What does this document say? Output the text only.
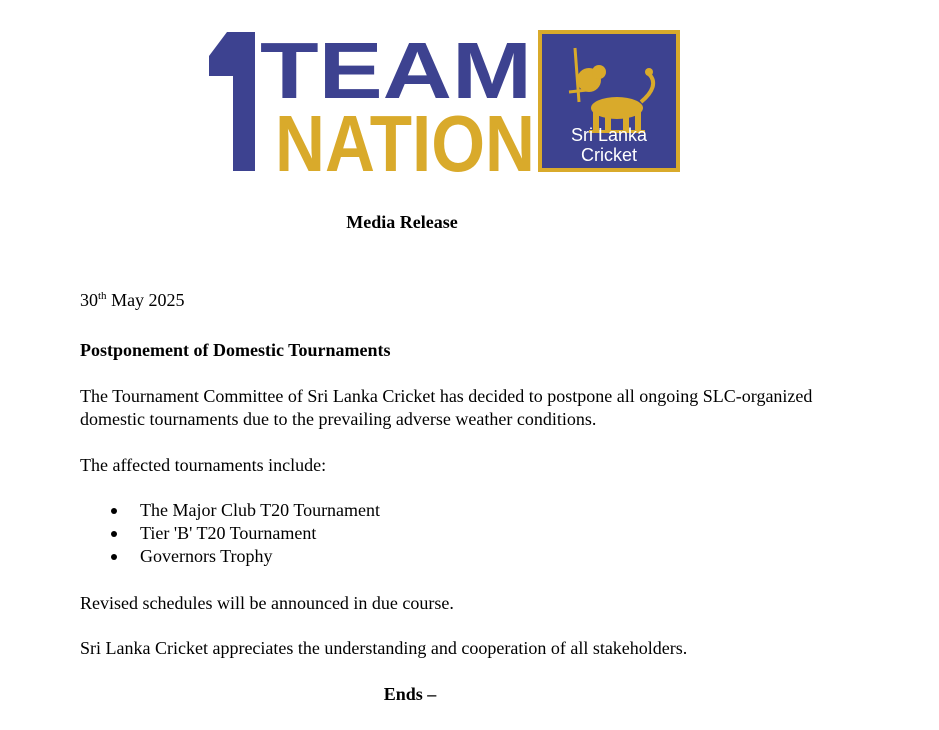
TEAM
NATION Sri Lanka
Cricket

Media Release

30th May 2025

Postponement of Domestic Tournaments

The Tournament Committee of Sri Lanka Cricket has decided to postpone all ongoing SLC-organized domestic tournaments due to the prevailing adverse weather conditions.

The affected tournaments include:

The Major Club T20 Tournament
Tier 'B' T20 Tournament
Governors Trophy

Revised schedules will be announced in due course.

Sri Lanka Cricket appreciates the understanding and cooperation of all stakeholders.

Ends –
